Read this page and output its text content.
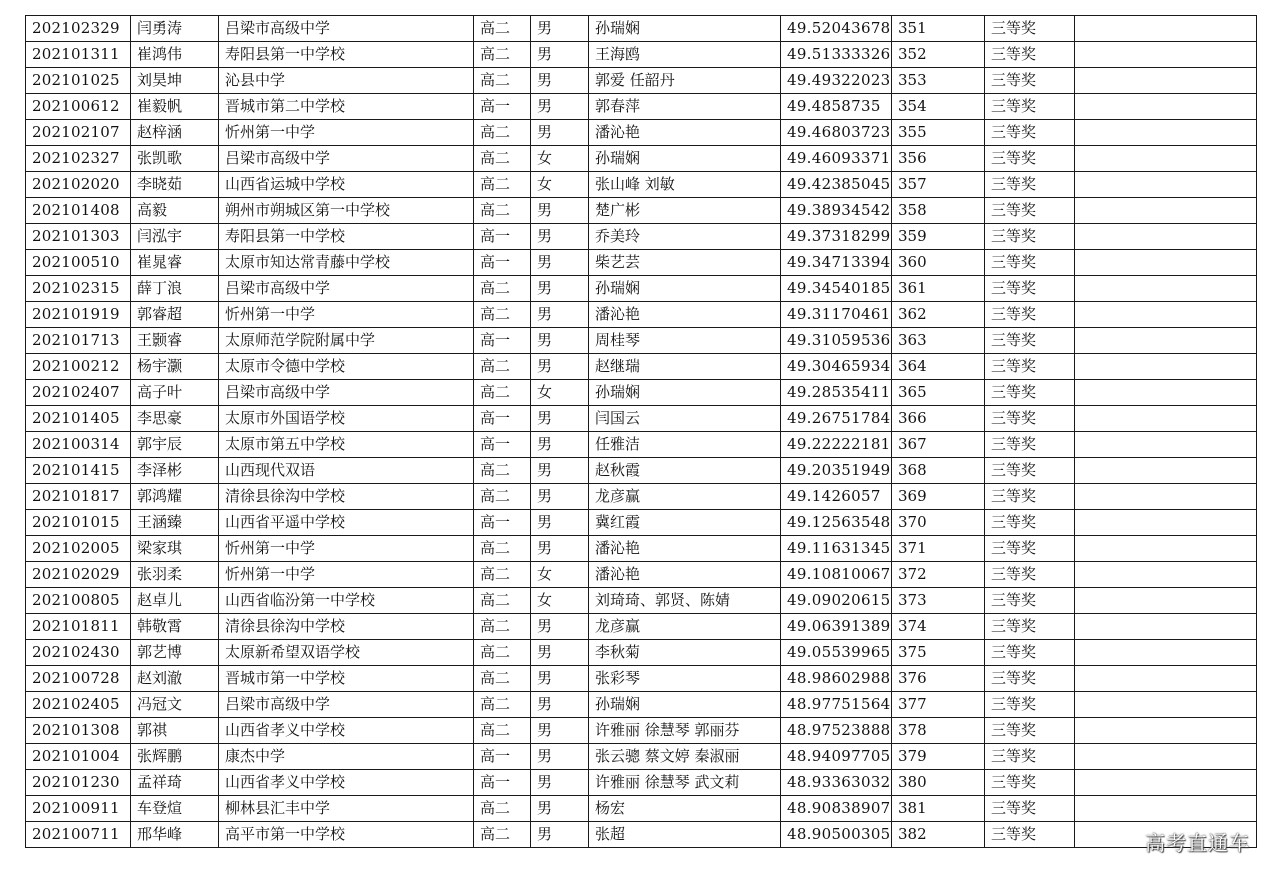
202102329	闫勇涛	吕梁市高级中学	高二	男	孙瑞娴	49.52043678	351	三等奖	
202101311	崔鸿伟	寿阳县第一中学校	高二	男	王海鸥	49.51333326	352	三等奖	
202101025	刘昊坤	沁县中学	高二	男	郭爱 任韶丹	49.49322023	353	三等奖	
202100612	崔毅帆	晋城市第二中学校	高一	男	郭春萍	49.4858735	354	三等奖	
202102107	赵梓涵	忻州第一中学	高二	男	潘沁艳	49.46803723	355	三等奖	
202102327	张凯歌	吕梁市高级中学	高二	女	孙瑞娴	49.46093371	356	三等奖	
202102020	李晓茹	山西省运城中学校	高二	女	张山峰 刘敏	49.42385045	357	三等奖	
202101408	高毅	朔州市朔城区第一中学校	高二	男	楚广彬	49.38934542	358	三等奖	
202101303	闫泓宇	寿阳县第一中学校	高一	男	乔美玲	49.37318299	359	三等奖	
202100510	崔晁睿	太原市知达常青藤中学校	高一	男	柴艺芸	49.34713394	360	三等奖	
202102315	薛丁浪	吕梁市高级中学	高二	男	孙瑞娴	49.34540185	361	三等奖	
202101919	郭睿超	忻州第一中学	高二	男	潘沁艳	49.31170461	362	三等奖	
202101713	王颢睿	太原师范学院附属中学	高一	男	周桂琴	49.31059536	363	三等奖	
202100212	杨宇灏	太原市令德中学校	高二	男	赵继瑞	49.30465934	364	三等奖	
202102407	高子叶	吕梁市高级中学	高二	女	孙瑞娴	49.28535411	365	三等奖	
202101405	李思豪	太原市外国语学校	高一	男	闫国云	49.26751784	366	三等奖	
202100314	郭宇辰	太原市第五中学校	高一	男	任雅洁	49.22222181	367	三等奖	
202101415	李泽彬	山西现代双语	高二	男	赵秋霞	49.20351949	368	三等奖	
202101817	郭鸿耀	清徐县徐沟中学校	高二	男	龙彦赢	49.1426057	369	三等奖	
202101015	王涵臻	山西省平遥中学校	高一	男	冀红霞	49.12563548	370	三等奖	
202102005	梁家琪	忻州第一中学	高二	男	潘沁艳	49.11631345	371	三等奖	
202102029	张羽柔	忻州第一中学	高二	女	潘沁艳	49.10810067	372	三等奖	
202100805	赵卓儿	山西省临汾第一中学校	高二	女	刘琦琦、郭贤、陈婧	49.09020615	373	三等奖	
202101811	韩敬霄	清徐县徐沟中学校	高二	男	龙彦赢	49.06391389	374	三等奖	
202102430	郭艺博	太原新希望双语学校	高二	男	李秋菊	49.05539965	375	三等奖	
202100728	赵刘澈	晋城市第一中学校	高二	男	张彩琴	48.98602988	376	三等奖	
202102405	冯冠文	吕梁市高级中学	高二	男	孙瑞娴	48.97751564	377	三等奖	
202101308	郭祺	山西省孝义中学校	高二	男	许雅丽 徐慧琴 郭丽芬	48.97523888	378	三等奖	
202101004	张辉鹏	康杰中学	高一	男	张云骢 蔡文婷 秦淑丽	48.94097705	379	三等奖	
202101230	孟祥琦	山西省孝义中学校	高一	男	许雅丽 徐慧琴 武文莉	48.93363032	380	三等奖	
202100911	车登煊	柳林县汇丰中学	高二	男	杨宏	48.90838907	381	三等奖	
202100711	邢华峰	高平市第一中学校	高二	男	张超	48.90500305	382	三等奖		高考直通车
